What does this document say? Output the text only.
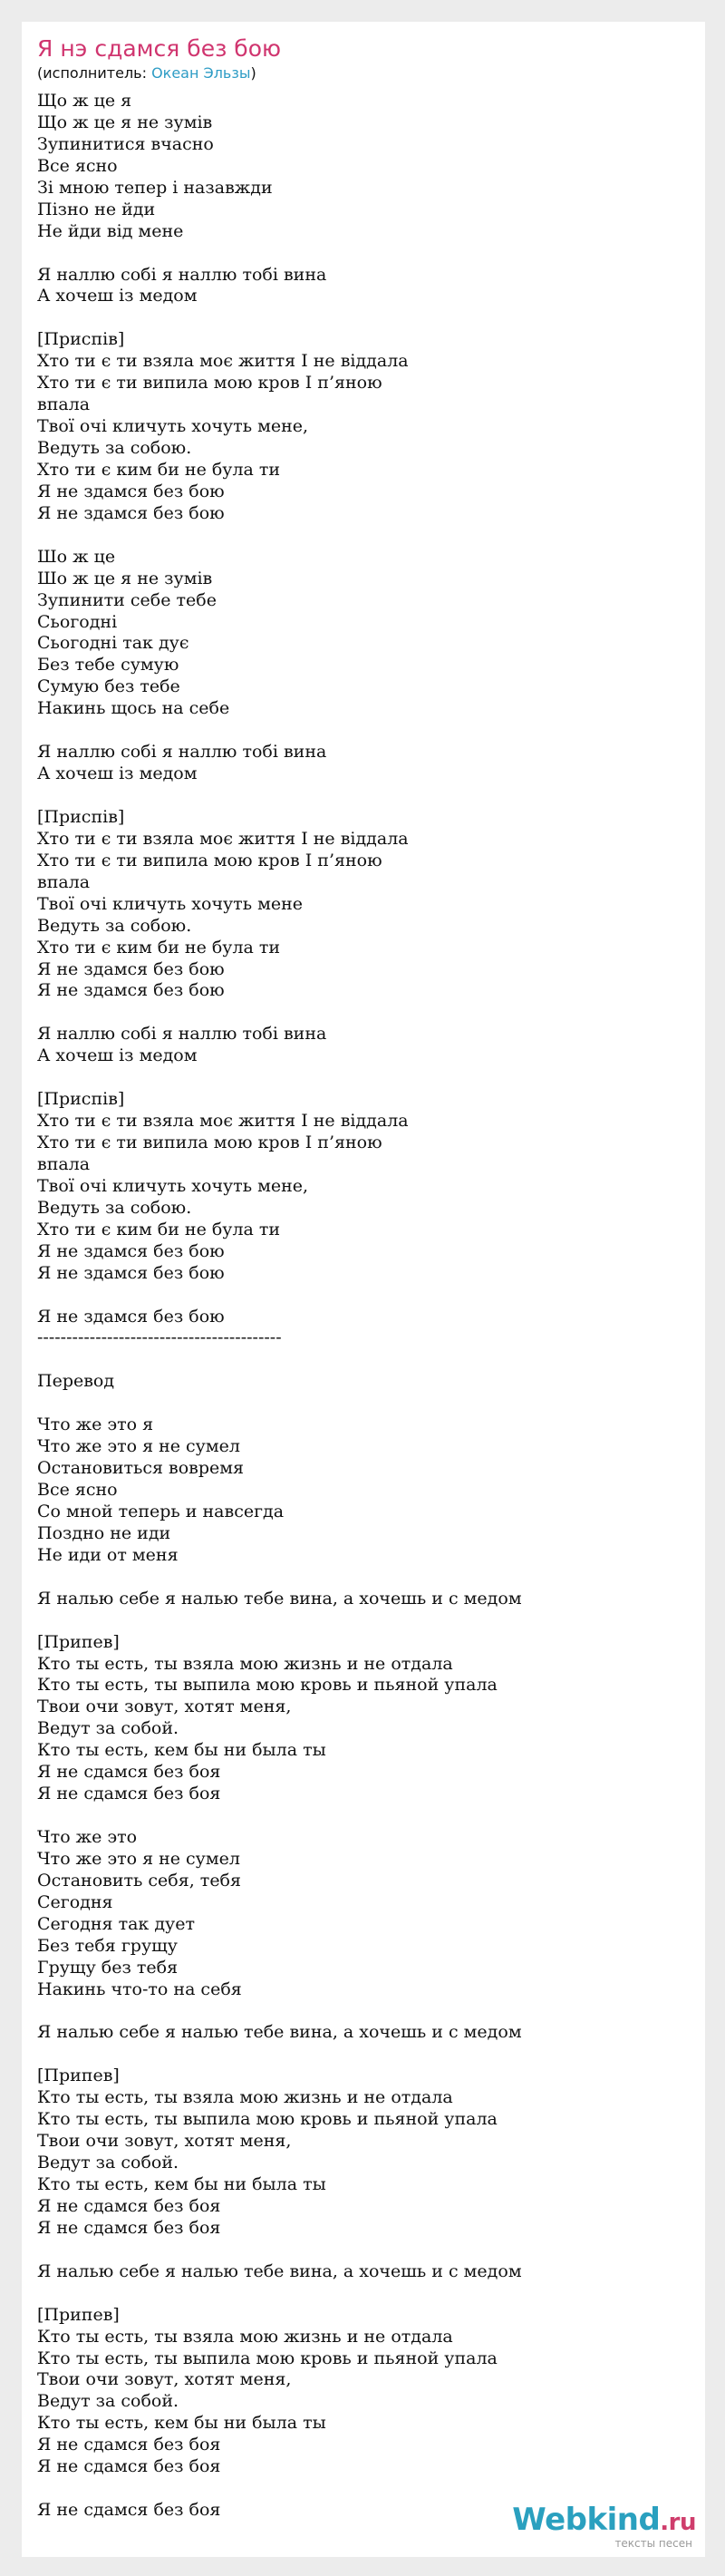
Я нэ сдамся без бою
(исполнитель: Океан Эльзы)
Що ж це я
Що ж це я не зумів
Зупинитися вчасно
Все ясно
Зі мною тепер і назавжди
Пізно не йди
Не йди від мене
Я наллю собі я наллю тобі вина
А хочеш із медом
[Приспів]
Хто ти є ти взяла моє життя І не віддала
Хто ти є ти випила мою кров І п’яною
впала
Твої очі кличуть хочуть мене,
Ведуть за собою.
Хто ти є ким би не була ти
Я не здамся без бою
Я не здамся без бою
Шо ж це
Шо ж це я не зумів
Зупинити себе тебе
Сьогодні
Сьогодні так дує
Без тебе сумую
Сумую без тебе
Накинь щось на себе
Я наллю собі я наллю тобі вина
А хочеш із медом
[Приспів]
Хто ти є ти взяла моє життя І не віддала
Хто ти є ти випила мою кров І п’яною
впала
Твої очі кличуть хочуть мене
Ведуть за собою.
Хто ти є ким би не була ти
Я не здамся без бою
Я не здамся без бою
Я наллю собі я наллю тобі вина
А хочеш із медом
[Приспів]
Хто ти є ти взяла моє життя І не віддала
Хто ти є ти випила мою кров І п’яною
впала
Твої очі кличуть хочуть мене,
Ведуть за собою.
Хто ти є ким би не була ти
Я не здамся без бою
Я не здамся без бою
Я не здамся без бою
------------------------------------------
Перевод
Что же это я
Что же это я не сумел
Остановиться вовремя
Все ясно
Со мной теперь и навсегда
Поздно не иди
Не иди от меня
Я налью себе я налью тебе вина, а хочешь и с медом
[Припев]
Кто ты есть, ты взяла мою жизнь и не отдала
Кто ты есть, ты выпила мою кровь и пьяной упала
Твои очи зовут, хотят меня,
Ведут за собой.
Кто ты есть, кем бы ни была ты
Я не сдамся без боя
Я не сдамся без боя
Что же это
Что же это я не сумел
Остановить себя, тебя
Сегодня
Сегодня так дует
Без тебя грущу
Грущу без тебя
Накинь что-то на себя
Я налью себе я налью тебе вина, а хочешь и с медом
[Припев]
Кто ты есть, ты взяла мою жизнь и не отдала
Кто ты есть, ты выпила мою кровь и пьяной упала
Твои очи зовут, хотят меня,
Ведут за собой.
Кто ты есть, кем бы ни была ты
Я не сдамся без боя
Я не сдамся без боя
Я налью себе я налью тебе вина, а хочешь и с медом
[Припев]
Кто ты есть, ты взяла мою жизнь и не отдала
Кто ты есть, ты выпила мою кровь и пьяной упала
Твои очи зовут, хотят меня,
Ведут за собой.
Кто ты есть, кем бы ни была ты
Я не сдамся без боя
Я не сдамся без боя
Я не сдамся без боя	Webkind.ru
тексты песен
